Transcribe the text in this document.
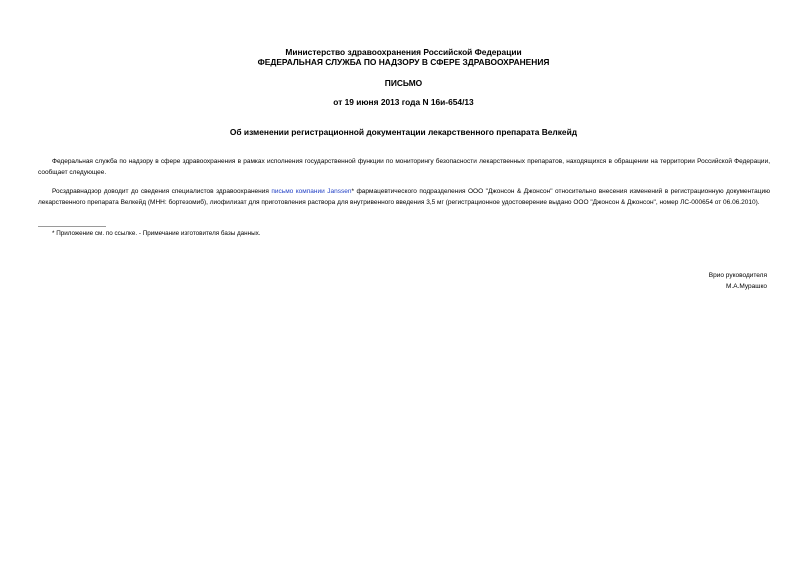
Министерство здравоохранения Российской Федерации
ФЕДЕРАЛЬНАЯ СЛУЖБА ПО НАДЗОРУ В СФЕРЕ ЗДРАВООХРАНЕНИЯ
ПИСЬМО
от 19 июня 2013 года N 16и-654/13
Об изменении регистрационной документации лекарственного препарата Велкейд
Федеральная служба по надзору в сфере здравоохранения в рамках исполнения государственной функции по мониторингу безопасности лекарственных препаратов, находящихся в обращении на территории Российской Федерации, сообщает следующее.
Росздравнадзор доводит до сведения специалистов здравоохранения письмо компании Janssen* фармацевтического подразделения ООО "Джонсон & Джонсон" относительно внесения изменений в регистрационную документацию лекарственного препарата Велкейд (МНН: бортезомиб), лиофилизат для приготовления раствора для внутривенного введения 3,5 мг (регистрационное удостоверение выдано ООО "Джонсон & Джонсон", номер ЛС-000654 от 06.06.2010).
* Приложение см. по ссылке. - Примечание изготовителя базы данных.
Врио руководителя
М.А.Мурашко
